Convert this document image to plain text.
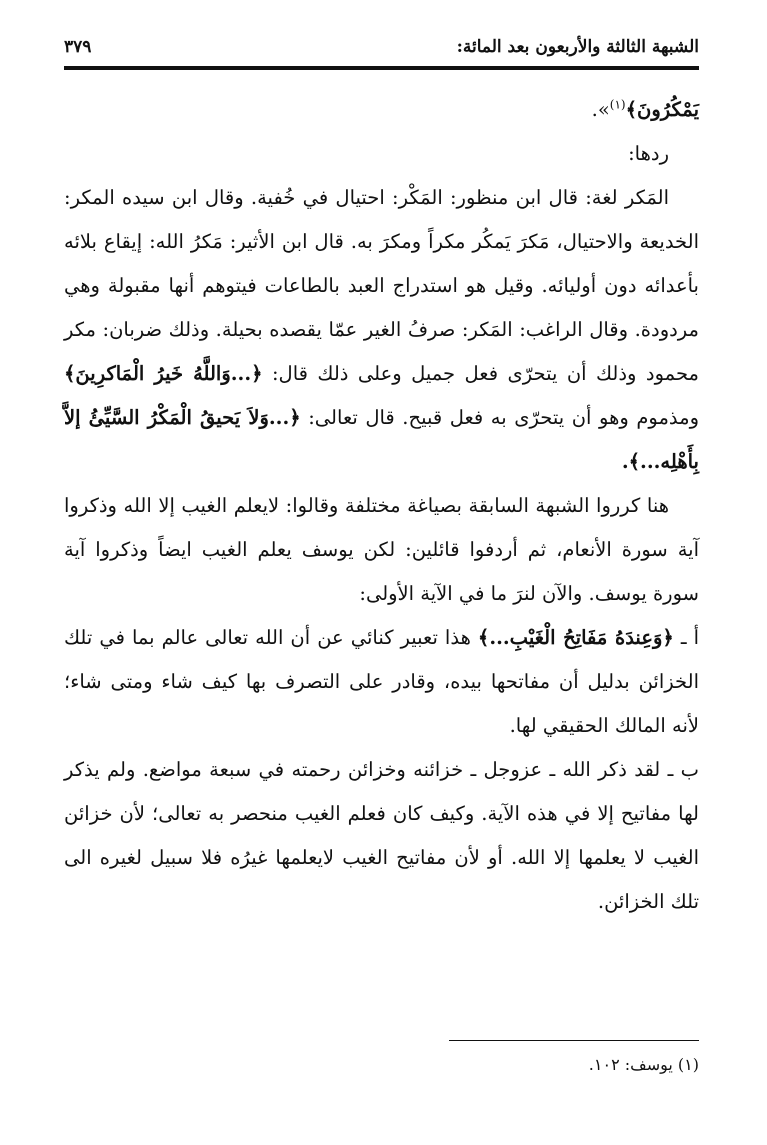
الشبهة الثالثة والأربعون بعد المائة:
٣٧٩

يَمْكُرُونَ﴾$^{(١)}$».

ردها:

المَكر لغة: قال ابن منظور: المَكْر: احتيال في خُفية. وقال ابن سيده المكر: الخديعة والاحتيال، مَكرَ يَمكُر مكراً ومكرَ به. قال ابن الأثير: مَكرُ الله: إيقاع بلائه بأعدائه دون أوليائه. وقيل هو استدراج العبد بالطاعات فيتوهم أنها مقبولة وهي مردودة. وقال الراغب: المَكر: صرفُ الغير عمّا يقصده بحيلة. وذلك ضربان: مكر محمود وذلك أن يتحرّى فعل جميل وعلى ذلك قال: ﴿...وَاللَّهُ خَيرُ الْمَاكرِينَ﴾ ومذموم وهو أن يتحرّى به فعل قبيح. قال تعالى: ﴿...وَلاَ يَحيقُ الْمَكْرُ السَّيِّئُ إلاَّ بِأَهْلِه...﴾.

هنا كرروا الشبهة السابقة بصياغة مختلفة وقالوا: لايعلم الغيب إلا الله وذكروا آية سورة الأنعام، ثم أردفوا قائلين: لكن يوسف يعلم الغيب ايضاً وذكروا آية سورة يوسف. والآن لنرَ ما في الآية الأولى:

أ ـ ﴿وَعِندَهُ مَفَاتِحُ الْغَيْبِ...﴾ هذا تعبير كنائي عن أن الله تعالى عالم بما في تلك الخزائن بدليل أن مفاتحها بيده، وقادر على التصرف بها كيف شاء ومتى شاء؛ لأنه المالك الحقيقي لها.

ب ـ لقد ذكر الله ـ عزوجل ـ خزائنه وخزائن رحمته في سبعة مواضع. ولم يذكر لها مفاتيح إلا في هذه الآية. وكيف كان فعلم الغيب منحصر به تعالى؛ لأن خزائن الغيب لا يعلمها إلا الله. أو لأن مفاتيح الغيب لايعلمها غيرُه فلا سبيل لغيره الى تلك الخزائن.

(١) يوسف: ١٠٢.
